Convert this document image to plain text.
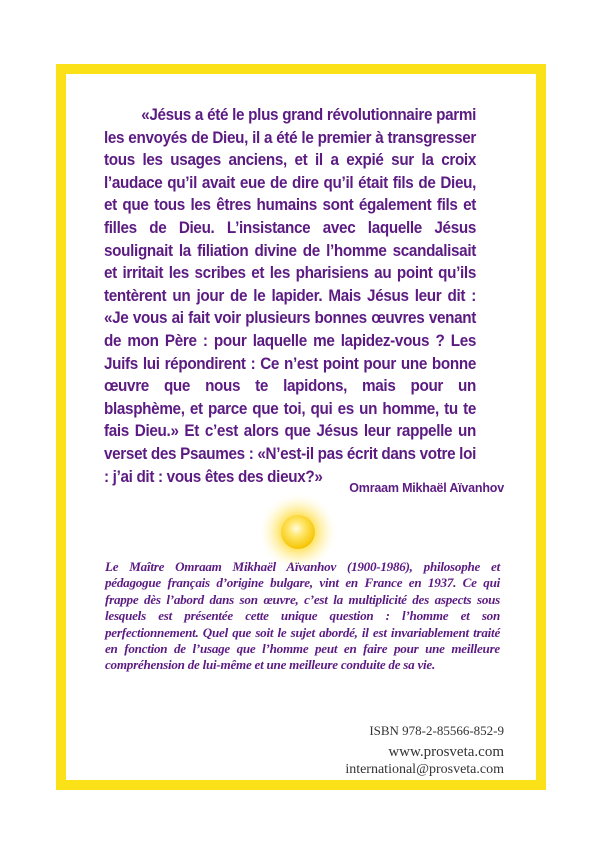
«Jésus a été le plus grand révolutionnaire parmi les envoyés de Dieu, il a été le premier à transgresser tous les usages anciens, et il a expié sur la croix l’audace qu’il avait eue de dire qu’il était fils de Dieu, et que tous les êtres humains sont également fils et filles de Dieu. L’insistance avec laquelle Jésus soulignait la filiation divine de l’homme scandalisait et irritait les scribes et les pharisiens au point qu’ils tentèrent un jour de le lapider. Mais Jésus leur dit : «Je vous ai fait voir plusieurs bonnes œuvres venant de mon Père : pour laquelle me lapidez-vous ? Les Juifs lui répondirent : Ce n’est point pour une bonne œuvre que nous te lapidons, mais pour un blasphème, et parce que toi, qui es un homme, tu te fais Dieu.» Et c’est alors que Jésus leur rappelle un verset des Psaumes : «N’est-il pas écrit dans votre loi : j’ai dit : vous êtes des dieux?»

Omraam Mikhaël Aïvanhov

Le Maître Omraam Mikhaël Aïvanhov (1900-1986), philosophe et pédagogue français d’origine bulgare, vint en France en 1937. Ce qui frappe dès l’abord dans son œuvre, c’est la multiplicité des aspects sous lesquels est présentée cette unique question : l’homme et son perfectionnement. Quel que soit le sujet abordé, il est invariablement traité en fonction de l’usage que l’homme peut en faire pour une meilleure compréhension de lui-même et une meilleure conduite de sa vie.

ISBN 978-2-85566-852-9
www.prosveta.com
international@prosveta.com
